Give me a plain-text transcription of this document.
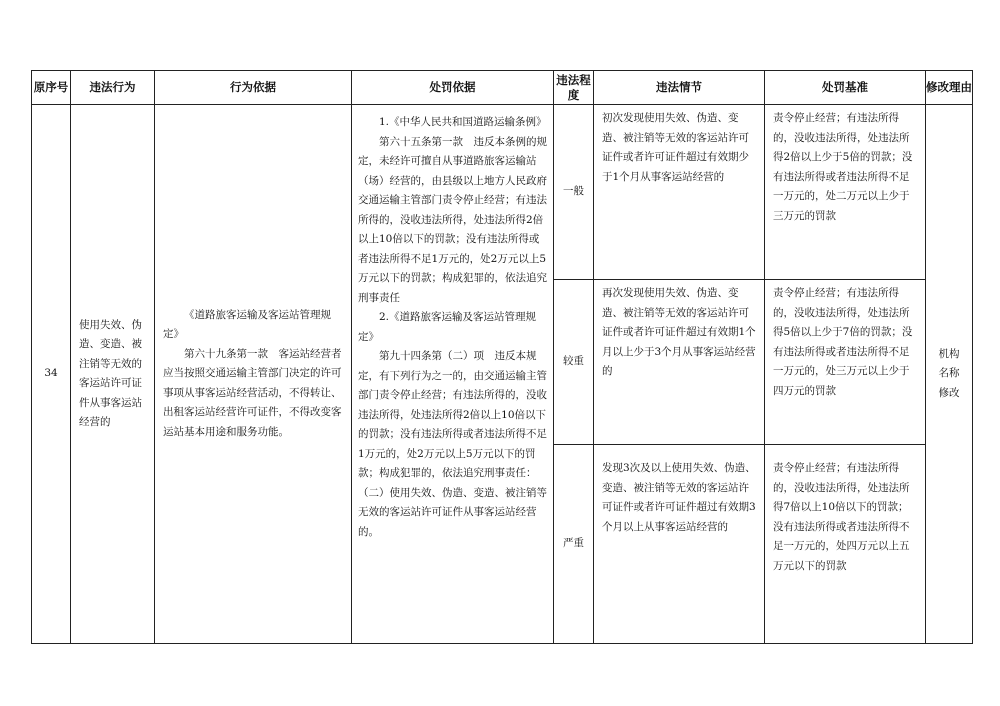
原序号	违法行为	行为依据	处罚依据	违法程度	违法情节	处罚基准	修改理由
34	使用失效、伪造、变造、被注销等无效的客运站许可证件从事客运站经营的	《道路旅客运输及客运站管理规定》
第六十九条第一款　客运站经营者应当按照交通运输主管部门决定的许可事项从事客运站经营活动，不得转让、出租客运站经营许可证件，不得改变客运站基本用途和服务功能。	1.《中华人民共和国道路运输条例》
第六十五条第一款　违反本条例的规定，未经许可擅自从事道路旅客运输站（场）经营的，由县级以上地方人民政府交通运输主管部门责令停止经营；有违法所得的，没收违法所得，处违法所得2倍以上10倍以下的罚款；没有违法所得或者违法所得不足1万元的，处2万元以上5万元以下的罚款；构成犯罪的，依法追究刑事责任
2.《道路旅客运输及客运站管理规定》
第九十四条第（二）项　违反本规定，有下列行为之一的，由交通运输主管部门责令停止经营；有违法所得的，没收违法所得，处违法所得2倍以上10倍以下的罚款；没有违法所得或者违法所得不足1万元的，处2万元以上5万元以下的罚款；构成犯罪的，依法追究刑事责任：（二）使用失效、伪造、变造、被注销等无效的客运站许可证件从事客运站经营的。	一般	初次发现使用失效、伪造、变造、被注销等无效的客运站许可证件或者许可证件超过有效期少于1个月从事客运站经营的	责令停止经营；有违法所得的，没收违法所得，处违法所得2倍以上少于5倍的罚款；没有违法所得或者违法所得不足一万元的，处二万元以上少于三万元的罚款	机构名称修改
				较重	再次发现使用失效、伪造、变造、被注销等无效的客运站许可证件或者许可证件超过有效期1个月以上少于3个月从事客运站经营的	责令停止经营；有违法所得的，没收违法所得，处违法所得5倍以上少于7倍的罚款；没有违法所得或者违法所得不足一万元的，处三万元以上少于四万元的罚款	
				严重	发现3次及以上使用失效、伪造、变造、被注销等无效的客运站许可证件或者许可证件超过有效期3个月以上从事客运站经营的	责令停止经营；有违法所得的，没收违法所得，处违法所得7倍以上10倍以下的罚款；没有违法所得或者违法所得不足一万元的，处四万元以上五万元以下的罚款	
